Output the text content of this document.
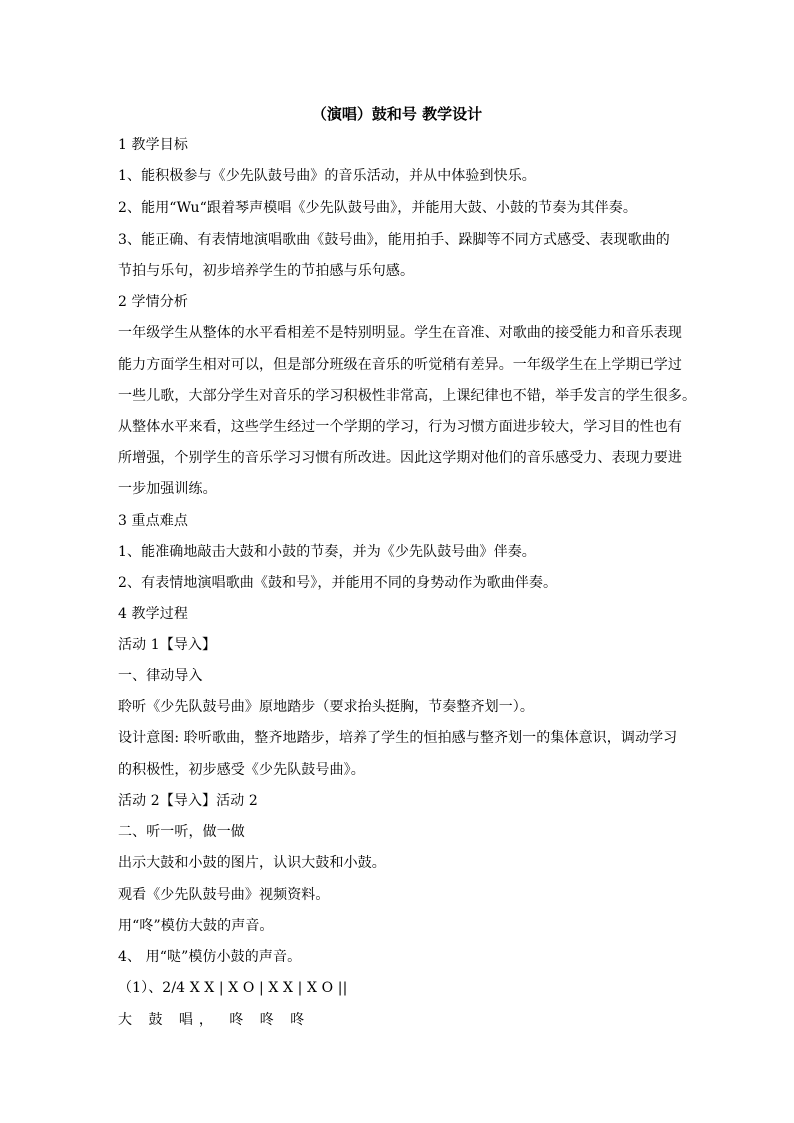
（演唱）鼓和号 教学设计
1 教学目标
1、能积极参与《少先队鼓号曲》的音乐活动，并从中体验到快乐。
2、能用“Wu“跟着琴声模唱《少先队鼓号曲》，并能用大鼓、小鼓的节奏为其伴奏。
3、能正确、有表情地演唱歌曲《鼓号曲》，能用拍手、跺脚等不同方式感受、表现歌曲的
节拍与乐句，初步培养学生的节拍感与乐句感。
2 学情分析
一年级学生从整体的水平看相差不是特别明显。学生在音准、对歌曲的接受能力和音乐表现
能力方面学生相对可以，但是部分班级在音乐的听觉稍有差异。一年级学生在上学期已学过
一些儿歌，大部分学生对音乐的学习积极性非常高，上课纪律也不错，举手发言的学生很多。
从整体水平来看，这些学生经过一个学期的学习，行为习惯方面进步较大，学习目的性也有
所增强，个别学生的音乐学习习惯有所改进。因此这学期对他们的音乐感受力、表现力要进
一步加强训练。
3 重点难点
1、能准确地敲击大鼓和小鼓的节奏，并为《少先队鼓号曲》伴奏。
2、有表情地演唱歌曲《鼓和号》，并能用不同的身势动作为歌曲伴奏。
4 教学过程
活动 1【导入】
一、律动导入
聆听《少先队鼓号曲》原地踏步（要求抬头挺胸，节奏整齐划一）。
设计意图: 聆听歌曲，整齐地踏步，培养了学生的恒拍感与整齐划一的集体意识，调动学习
的积极性，初步感受《少先队鼓号曲》。
活动 2【导入】活动 2
二、听一听，做一做
出示大鼓和小鼓的图片，认识大鼓和小鼓。
观看《少先队鼓号曲》视频资料。
用“咚”模仿大鼓的声音。
4、 用“哒”模仿小鼓的声音。
（1）、2/4 X X | X O | X X | X O ||
大 鼓 唱， 咚 咚 咚
